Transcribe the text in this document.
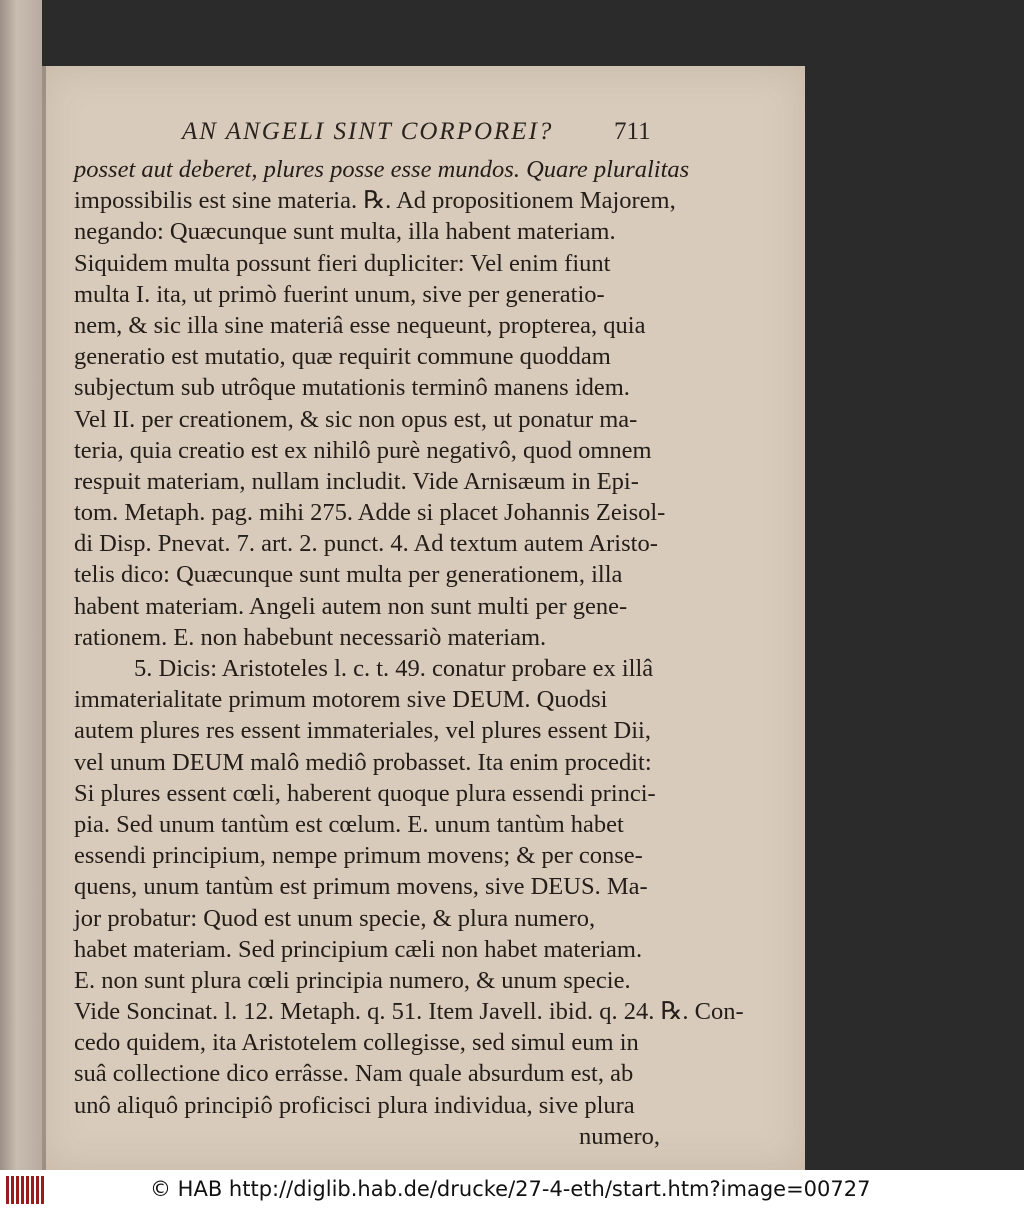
AN ANGELI SINT CORPOREI? 711
posset aut deberet, plures posse esse mundos. Quare pluralitas
impossibilis est sine materia. ℞. Ad propositionem Majorem,
negando: Quæcunque sunt multa, illa habent materiam.
Siquidem multa possunt fieri dupliciter: Vel enim fiunt
multa I. ita, ut primò fuerint unum, sive per generatio-
nem, & sic illa sine materiâ esse nequeunt, propterea, quia
generatio est mutatio, quæ requirit commune quoddam
subjectum sub utrôque mutationis terminô manens idem.
Vel II. per creationem, & sic non opus est, ut ponatur ma-
teria, quia creatio est ex nihilô purè negativô, quod omnem
respuit materiam, nullam includit. Vide Arnisæum in Epi-
tom. Metaph. pag. mihi 275. Adde si placet Johannis Zeisol-
di Disp. Pnevat. 7. art. 2. punct. 4. Ad textum autem Aristo-
telis dico: Quæcunque sunt multa per generationem, illa
habent materiam. Angeli autem non sunt multi per gene-
rationem. E. non habebunt necessariò materiam.
5. Dicis: Aristoteles l. c. t. 49. conatur probare ex illâ
immaterialitate primum motorem sive DEUM. Quodsi
autem plures res essent immateriales, vel plures essent Dii,
vel unum DEUM malô mediô probasset. Ita enim procedit:
Si plures essent cœli, haberent quoque plura essendi princi-
pia. Sed unum tantùm est cœlum. E. unum tantùm habet
essendi principium, nempe primum movens; & per conse-
quens, unum tantùm est primum movens, sive DEUS. Ma-
jor probatur: Quod est unum specie, & plura numero,
habet materiam. Sed principium cæli non habet materiam.
E. non sunt plura cœli principia numero, & unum specie.
Vide Soncinat. l. 12. Metaph. q. 51. Item Javell. ibid. q. 24. ℞. Con-
cedo quidem, ita Aristotelem collegisse, sed simul eum in
suâ collectione dico errâsse. Nam quale absurdum est, ab
unô aliquô principiô proficisci plura individua, sive plura
numero,
© HAB http://diglib.hab.de/drucke/27-4-eth/start.htm?image=00727
